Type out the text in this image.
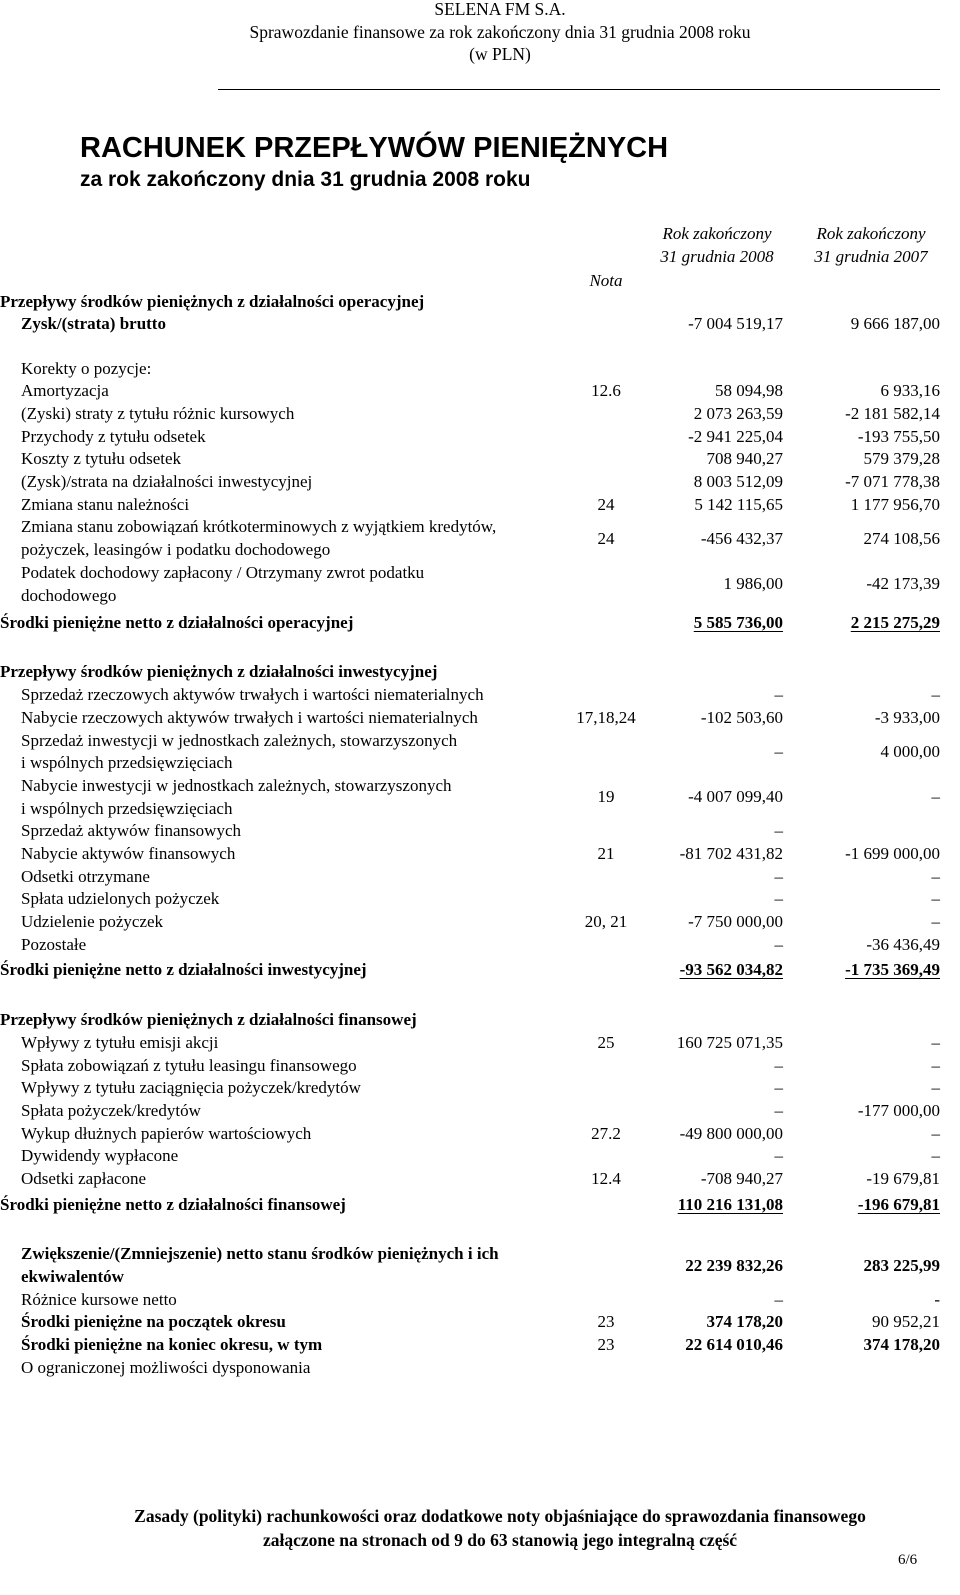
SELENA FM S.A.
Sprawozdanie finansowe za rok zakończony dnia 31 grudnia 2008 roku
(w PLN)
RACHUNEK PRZEPŁYWÓW PIENIĘŻNYCH
za rok zakończony dnia 31 grudnia 2008 roku
Rok zakończony
31 grudnia 2008
Rok zakończony
31 grudnia 2007
Nota
Przepływy środków pieniężnych z działalności operacyjnej
Zysk/(strata) brutto	-7 004 519,17	9 666 187,00
Korekty o pozycje:
Amortyzacja	12.6	58 094,98	6 933,16
(Zyski) straty z tytułu różnic kursowych	2 073 263,59	-2 181 582,14
Przychody z tytułu odsetek	-2 941 225,04	-193 755,50
Koszty z tytułu odsetek	708 940,27	579 379,28
(Zysk)/strata na działalności inwestycyjnej	8 003 512,09	-7 071 778,38
Zmiana stanu należności	24	5 142 115,65	1 177 956,70
Zmiana stanu zobowiązań krótkoterminowych z wyjątkiem kredytów,
pożyczek, leasingów i podatku dochodowego
24	-456 432,37	274 108,56
Podatek dochodowy zapłacony / Otrzymany zwrot podatku
dochodowego
1 986,00	-42 173,39
Środki pieniężne netto z działalności operacyjnej	5 585 736,00	2 215 275,29
Przepływy środków pieniężnych z działalności inwestycyjnej
Sprzedaż rzeczowych aktywów trwałych i wartości niematerialnych	–	–
Nabycie rzeczowych aktywów trwałych i wartości niematerialnych	17,18,24	-102 503,60	-3 933,00
Sprzedaż inwestycji w jednostkach zależnych, stowarzyszonych
i wspólnych przedsięwzięciach
–	4 000,00
Nabycie inwestycji w jednostkach zależnych, stowarzyszonych
i wspólnych przedsięwzięciach
19	-4 007 099,40	–
Sprzedaż aktywów finansowych	–
Nabycie aktywów finansowych	21	-81 702 431,82	-1 699 000,00
Odsetki otrzymane	–	–
Spłata udzielonych pożyczek	–	–
Udzielenie pożyczek	20, 21	-7 750 000,00	–
Pozostałe	–	-36 436,49
Środki pieniężne netto z działalności inwestycyjnej	-93 562 034,82	-1 735 369,49
Przepływy środków pieniężnych z działalności finansowej
Wpływy z tytułu emisji akcji	25	160 725 071,35	–
Spłata zobowiązań z tytułu leasingu finansowego	–	–
Wpływy z tytułu zaciągnięcia pożyczek/kredytów	–	–
Spłata pożyczek/kredytów	–	-177 000,00
Wykup dłużnych papierów wartościowych	27.2	-49 800 000,00	–
Dywidendy wypłacone	–	–
Odsetki zapłacone	12.4	-708 940,27	-19 679,81
Środki pieniężne netto z działalności finansowej	110 216 131,08	-196 679,81
Zwiększenie/(Zmniejszenie) netto stanu środków pieniężnych i ich
ekwiwalentów
22 239 832,26	283 225,99
Różnice kursowe netto	–	-
Środki pieniężne na początek okresu	23	374 178,20	90 952,21
Środki pieniężne na koniec okresu, w tym	23	22 614 010,46	374 178,20
O ograniczonej możliwości dysponowania
Zasady (polityki) rachunkowości oraz dodatkowe noty objaśniające do sprawozdania finansowego
załączone na stronach od 9 do 63 stanowią jego integralną część
6/6
